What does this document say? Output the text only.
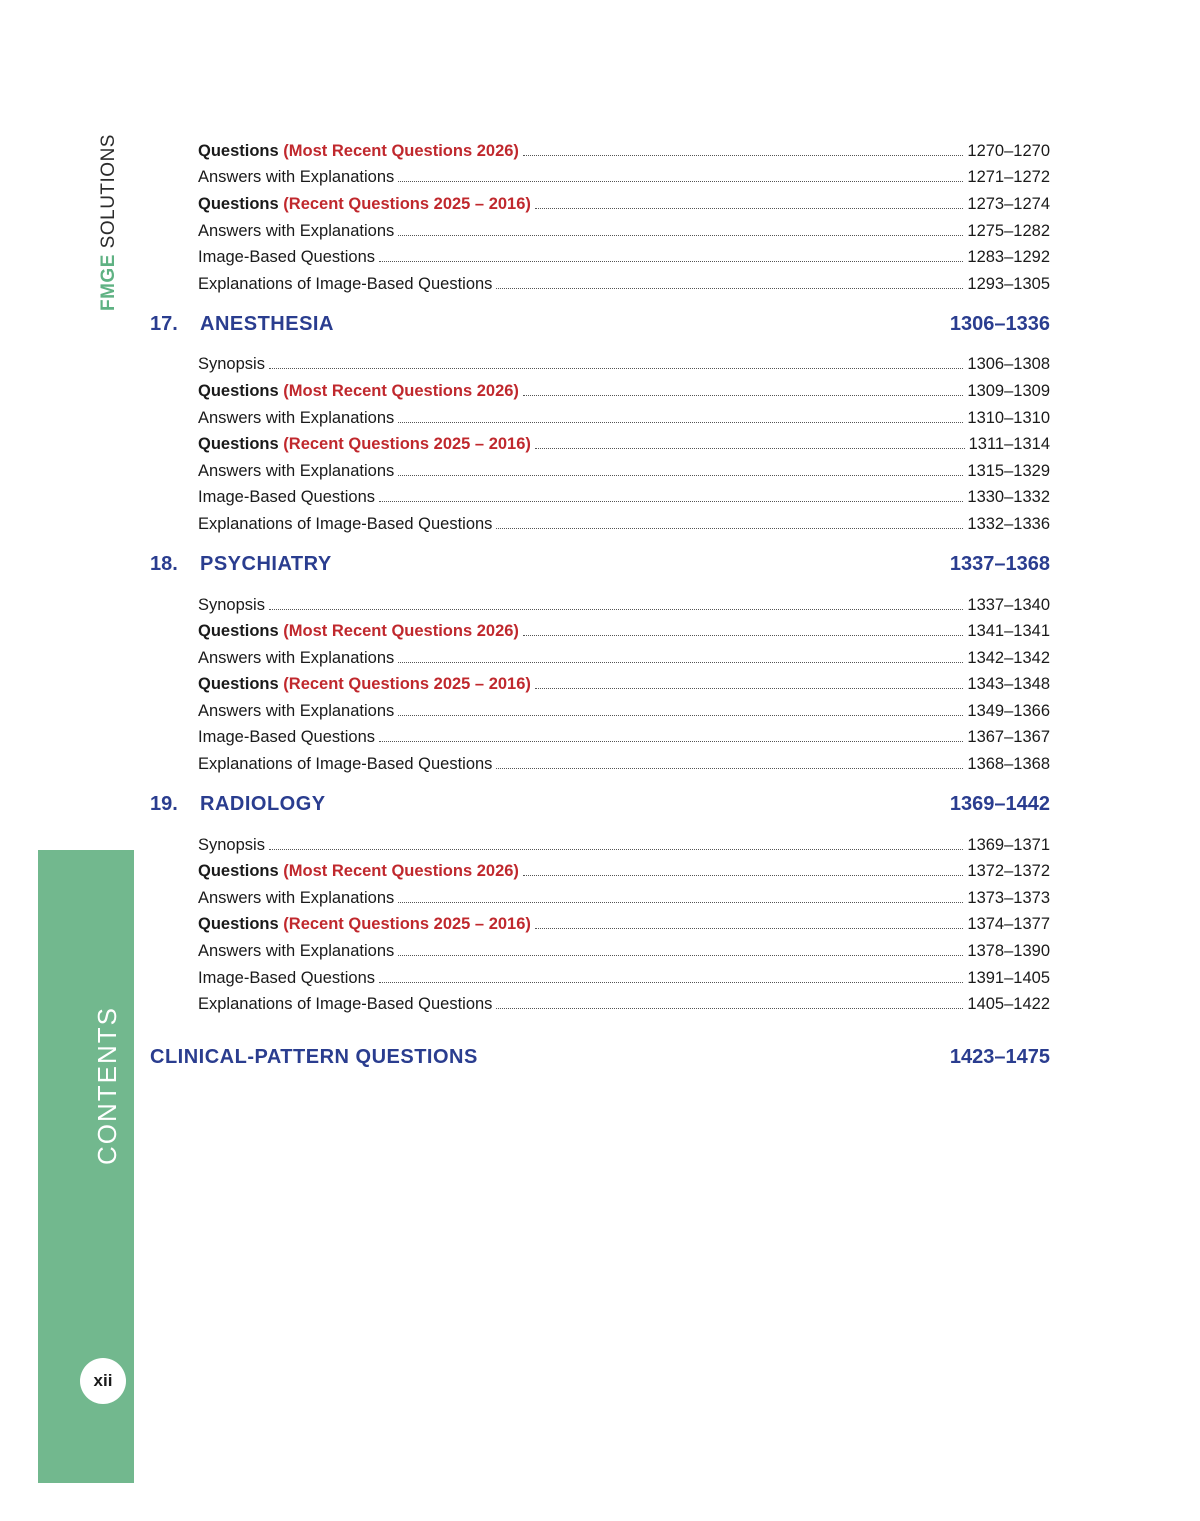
FMGE SOLUTIONS
CONTENTS
xii
Questions (Most Recent Questions 2026)	1270–1270
Answers with Explanations	1271–1272
Questions (Recent Questions 2025 – 2016)	1273–1274
Answers with Explanations	1275–1282
Image-Based Questions	1283–1292
Explanations of Image-Based Questions	1293–1305
17.	ANESTHESIA	1306–1336
Synopsis	1306–1308
Questions (Most Recent Questions 2026)	1309–1309
Answers with Explanations	1310–1310
Questions (Recent Questions 2025 – 2016)	1311–1314
Answers with Explanations	1315–1329
Image-Based Questions	1330–1332
Explanations of Image-Based Questions	1332–1336
18.	PSYCHIATRY	1337–1368
Synopsis	1337–1340
Questions (Most Recent Questions 2026)	1341–1341
Answers with Explanations	1342–1342
Questions (Recent Questions 2025 – 2016)	1343–1348
Answers with Explanations	1349–1366
Image-Based Questions	1367–1367
Explanations of Image-Based Questions	1368–1368
19.	RADIOLOGY	1369–1442
Synopsis	1369–1371
Questions (Most Recent Questions 2026)	1372–1372
Answers with Explanations	1373–1373
Questions (Recent Questions 2025 – 2016)	1374–1377
Answers with Explanations	1378–1390
Image-Based Questions	1391–1405
Explanations of Image-Based Questions	1405–1422
CLINICAL-PATTERN QUESTIONS	1423–1475
